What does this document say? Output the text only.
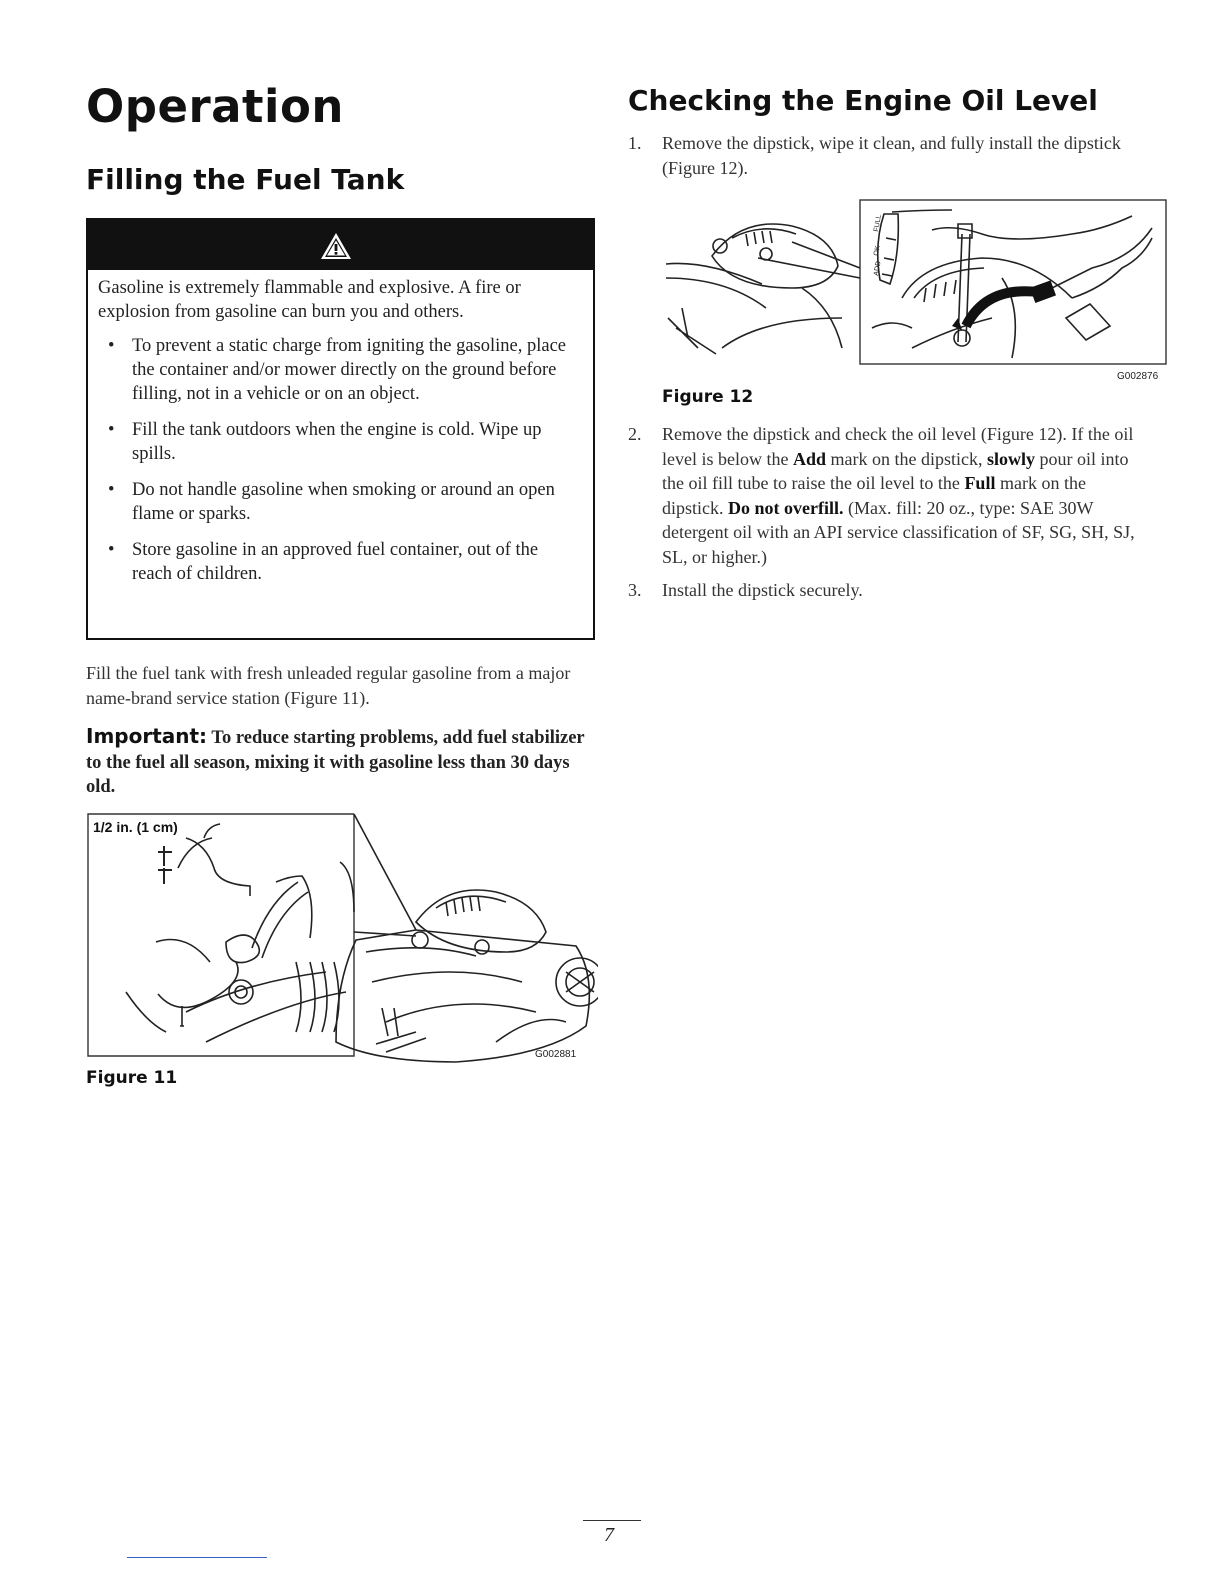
Operation
Filling the Fuel Tank
Checking the Engine Oil Level

Gasoline is extremely flammable and explosive. A fire or explosion from gasoline can burn you and others.

• To prevent a static charge from igniting the gasoline, place the container and/or mower directly on the ground before filling, not in a vehicle or on an object.
• Fill the tank outdoors when the engine is cold. Wipe up spills.
• Do not handle gasoline when smoking or around an open flame or sparks.
• Store gasoline in an approved fuel container, out of the reach of children.

Fill the fuel tank with fresh unleaded regular gasoline from a major name-brand service station (Figure 11).

Important: To reduce starting problems, add fuel stabilizer to the fuel all season, mixing it with gasoline less than 30 days old.

1/2 in. (1 cm)
G002881
Figure 11
1.	Remove the dipstick, wipe it clean, and fully install the dipstick (Figure 12).
FULL
OK
ADD
G002876
Figure 12
2.	Remove the dipstick and check the oil level (Figure 12). If the oil level is below the Add mark on the dipstick, slowly pour oil into the oil fill tube to raise the oil level to the Full mark on the dipstick. Do not overfill. (Max. fill: 20 oz., type: SAE 30W detergent oil with an API service classification of SF, SG, SH, SJ, SL, or higher.)
3.	Install the dipstick securely.
7
